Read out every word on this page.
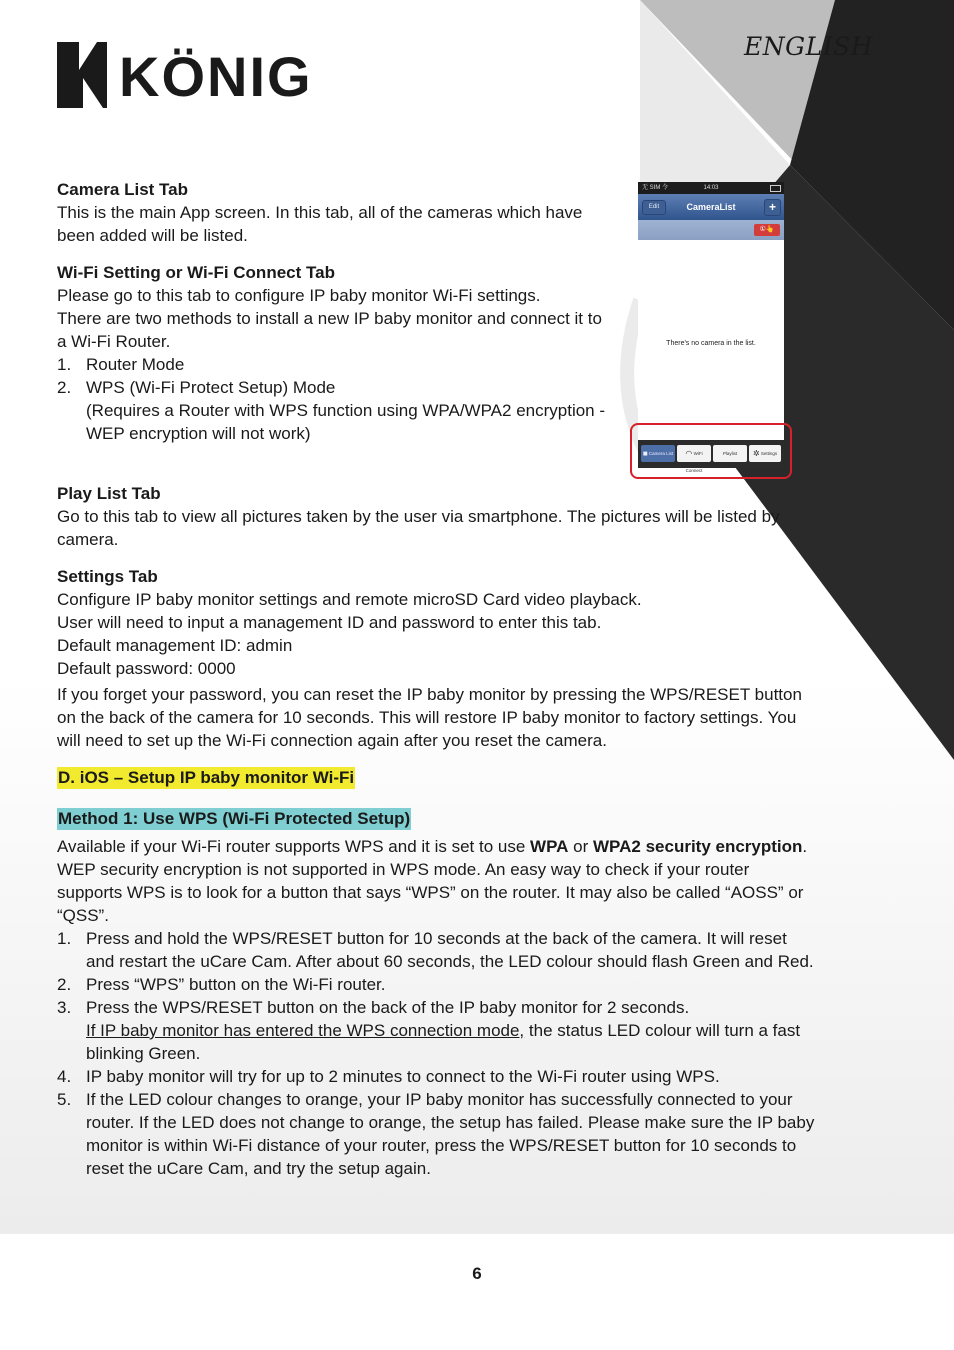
KÖNIG	ENGLISH
无 SIM 令	14:03
Edit	CameraList	+
①👆
There's no camera in the list.
■ Camera List	◠ WiFi Connect
Playlist	✲ Settings

Camera List Tab

This is the main App screen. In this tab, all of the cameras which have been added will be listed.

Wi-Fi Setting or Wi-Fi Connect Tab

Please go to this tab to configure IP baby monitor Wi-Fi settings.

There are two methods to install a new IP baby monitor and connect it to a Wi-Fi Router.

1. Router Mode
2. WPS (Wi-Fi Protect Setup) Mode
(Requires a Router with WPS function using WPA/WPA2 encryption - WEP encryption will not work)

Play List Tab

Go to this tab to view all pictures taken by the user via smartphone. The pictures will be listed by camera.

Settings Tab

Configure IP baby monitor settings and remote microSD Card video playback.

User will need to input a management ID and password to enter this tab.

Default management ID: admin

Default password: 0000

If you forget your password, you can reset the IP baby monitor by pressing the WPS/RESET button on the back of the camera for 10 seconds. This will restore IP baby monitor to factory settings. You will need to set up the Wi-Fi connection again after you reset the camera.

D. iOS – Setup IP baby monitor Wi-Fi

Method 1: Use WPS (Wi-Fi Protected Setup)

Available if your Wi-Fi router supports WPS and it is set to use WPA or WPA2 security encryption. WEP security encryption is not supported in WPS mode. An easy way to check if your router supports WPS is to look for a button that says “WPS” on the router. It may also be called “AOSS” or “QSS”.

1. Press and hold the WPS/RESET button for 10 seconds at the back of the camera. It will reset and restart the uCare Cam. After about 60 seconds, the LED colour should flash Green and Red.
2. Press “WPS” button on the Wi-Fi router.
3. Press the WPS/RESET button on the back of the IP baby monitor for 2 seconds.
If IP baby monitor has entered the WPS connection mode, the status LED colour will turn a fast blinking Green.
4. IP baby monitor will try for up to 2 minutes to connect to the Wi-Fi router using WPS.
5. If the LED colour changes to orange, your IP baby monitor has successfully connected to your router. If the LED does not change to orange, the setup has failed. Please make sure the IP baby monitor is within Wi-Fi distance of your router, press the WPS/RESET button for 10 seconds to reset the uCare Cam, and try the setup again.
6
